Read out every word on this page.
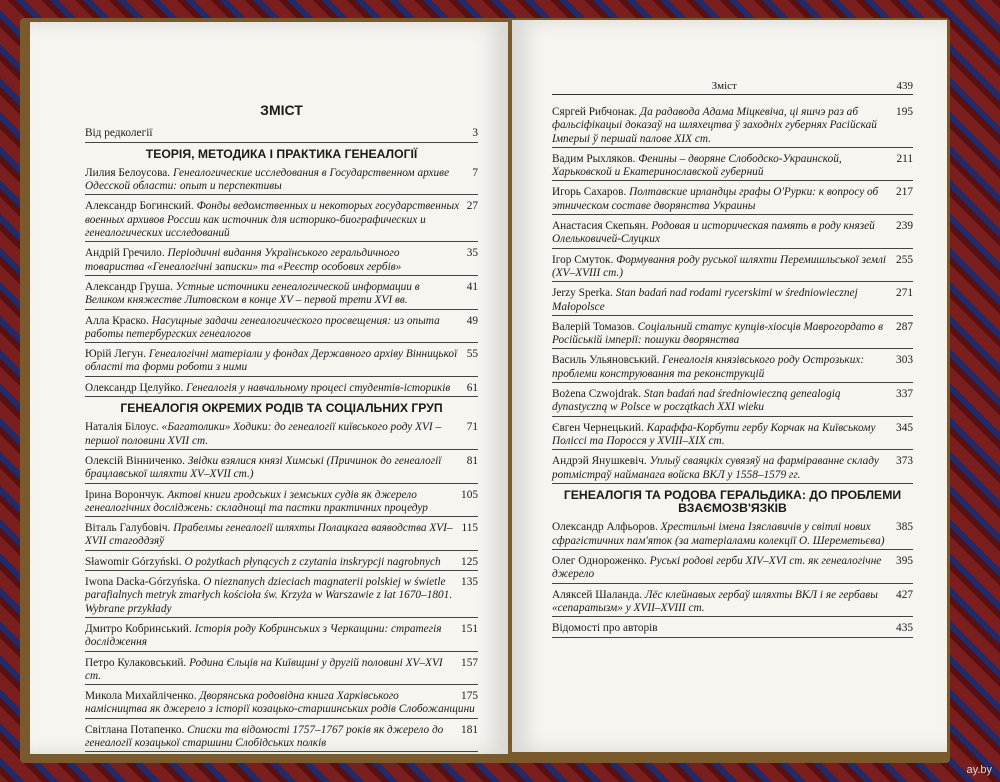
ЗМІСТ
3
Від редколегії
ТЕОРІЯ, МЕТОДИКА І ПРАКТИКА ГЕНЕАЛОГІЇ
7
Лилия Белоусова. Генеалогические исследования в Государственном архиве Одесской области: опыт и перспективы
27
Александр Богинский. Фонды ведомственных и некоторых государственных военных архивов России как источник для историко-биографических и генеалогических исследований
35
Андрій Гречило. Періодичні видання Українського геральдичного товариства «Генеалогічні записки» та «Реєстр особових гербів»
41
Александр Груша. Устные источники генеалогической информации в Великом княжестве Литовском в конце XV – первой трети XVI вв.
49
Алла Краско. Насущные задачи генеалогического просвещения: из опыта работы петербургских генеалогов
55
Юрій Легун. Генеалогічні матеріали у фондах Державного архіву Вінницької області та форми роботи з ними
61
Олександр Целуйко. Генеалогія у навчальному процесі студентів-істориків
ГЕНЕАЛОГІЯ ОКРЕМИХ РОДІВ ТА СОЦІАЛЬНИХ ГРУП
71
Наталія Білоус. «Багатолики» Ходики: до генеалогії київського роду XVI – першої половини XVII ст.
81
Олексій Вінниченко. Звідки взялися князі Химські (Причинок до генеалогії брацлавської шляхти XV–XVII ст.)
105
Ірина Ворончук. Актові книги гродських і земських судів як джерело генеалогічних досліджень: складнощі та пастки практичних процедур
115
Віталь Галубовіч. Прабелмы генеалогії шляхты Полацкага ваяводства XVI–XVII стагоддзяў
125
Sławomir Górzyński. O pożytkach płynących z czytania inskrypcji nagrobnych
135
Iwona Dacka-Górzyńska. O nieznanych dzieciach magnaterii polskiej w świetle parafialnych metryk zmarłych kościoła św. Krzyża w Warszawie z lat 1670–1801. Wybrane przykłady
151
Дмитро Кобринський. Історія роду Кобринських з Черкащини: стратегія дослідження
157
Петро Кулаковський. Родина Єльців на Київщині у другій половині XV–XVI ст.
175
Микола Михайліченко. Дворянська родовідна книга Харківського намісництва як джерело з історії козацько-старшинських родів Слобожанщини
181
Світлана Потапенко. Списки та відомості 1757–1767 років як джерело до генеалогії козацької старшини Слобідських полків
439
Зміст
195
Сяргей Рибчонак. Да радавода Адама Міцкевіча, ці яшчэ раз аб фальсіфікацыі доказаў на шляхецтва ў заходніх губернях Расійскай Імперыі ў першай палове XIX ст.
211
Вадим Рыхляков. Фенины – дворяне Слободско-Украинской, Харьковской и Екатеринославской губерний
217
Игорь Сахаров. Полтавские ирландцы графы О'Рурки: к вопросу об этническом составе дворянства Украины
239
Анастасия Скепьян. Родовая и историческая память в роду князей Олельковичей-Слуцких
255
Ігор Смуток. Формування роду руської шляхти Перемишльської землі (XV–XVIII ст.)
271
Jerzy Sperka. Stan badań nad rodami rycerskimi w średniowiecznej Małopolsce
287
Валерій Томазов. Соціальний статус купців-хіосців Маврогордато в Російській імперії: пошуки дворянства
303
Василь Ульяновський. Генеалогія князівського роду Острозьких: проблеми конструювання та реконструкцій
337
Bożena Czwojdrak. Stan badań nad średniowieczną genealogią dynastyczną w Polsce w początkach XXI wieku
345
Євген Чернецький. Караффа-Корбути гербу Корчак на Київському Поліссі та Поросся у XVIII–XIX ст.
373
Андрэй Янушкевіч. Уплыў сваяцкіх сувязяў на фарміраванне складу ротмістраў найманага войска ВКЛ у 1558–1579 гг.
ГЕНЕАЛОГІЯ ТА РОДОВА ГЕРАЛЬДИКА: ДО ПРОБЛЕМИ ВЗАЄМОЗВ'ЯЗКІВ
385
Олександр Алфьоров. Хрестильні імена Ізяславичів у світлі нових сфрагістичних пам'яток (за матеріалами колекції О. Шереметьєва)
395
Олег Однороженко. Руські родові герби XIV–XVI ст. як генеалогічне джерело
427
Аляксей Шаланда. Лёс клейнавых гербаў шляхты ВКЛ і яе гербавы «сепаратызм» у XVII–XVIII ст.
435
Відомості про авторів
ay.by
